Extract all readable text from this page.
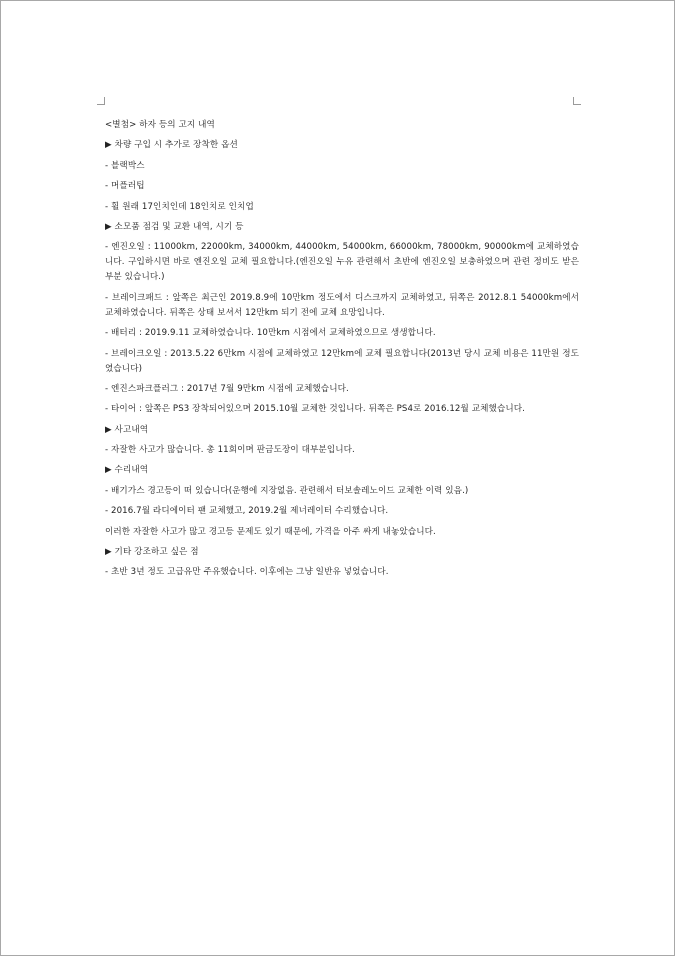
<별첨> 하자 등의 고지 내역
▶ 차량 구입 시 추가로 장착한 옵션
- 블랙박스
- 머플러팁
- 휠 원래 17인치인데 18인치로 인치업
▶ 소모품 점검 및 교환 내역, 시기 등
- 엔진오일 : 11000km, 22000km, 34000km, 44000km, 54000km, 66000km, 78000km, 90000km에 교체하였습니다. 구입하시면 바로 엔진오일 교체 필요합니다.(엔진오일 누유 관련해서 초반에 엔진오일 보충하였으며 관련 정비도 받은 부분 있습니다.)
- 브레이크패드 : 앞쪽은 최근인 2019.8.9에 10만km 정도에서 디스크까지 교체하였고, 뒤쪽은 2012.8.1 54000km에서 교체하였습니다. 뒤쪽은 상태 보셔서 12만km 되기 전에 교체 요망입니다.
- 배터리 : 2019.9.11 교체하였습니다. 10만km 시점에서 교체하였으므로 생생합니다.
- 브레이크오일 : 2013.5.22 6만km 시점에 교체하였고 12만km에 교체 필요합니다(2013년 당시 교체 비용은 11만원 정도였습니다)
- 엔진스파크플러그 : 2017년 7월 9만km 시점에 교체했습니다.
- 타이어 : 앞쪽은 PS3 장착되어있으며 2015.10월 교체한 것입니다. 뒤쪽은 PS4로 2016.12월 교체했습니다.
▶ 사고내역
- 자잘한 사고가 많습니다. 총 11회이며 판금도장이 대부분입니다.
▶ 수리내역
- 배기가스 경고등이 떠 있습니다(운행에 지장없음. 관련해서 터보솔레노이드 교체한 이력 있음.)
- 2016.7월 라디에이터 팬 교체했고, 2019.2월 제너레이터 수리했습니다.
이러한 자잘한 사고가 많고 경고등 문제도 있기 때문에, 가격을 아주 싸게 내놓았습니다.
▶ 기타 강조하고 싶은 점
- 초반 3년 정도 고급유만 주유했습니다. 이후에는 그냥 일반유 넣었습니다.
